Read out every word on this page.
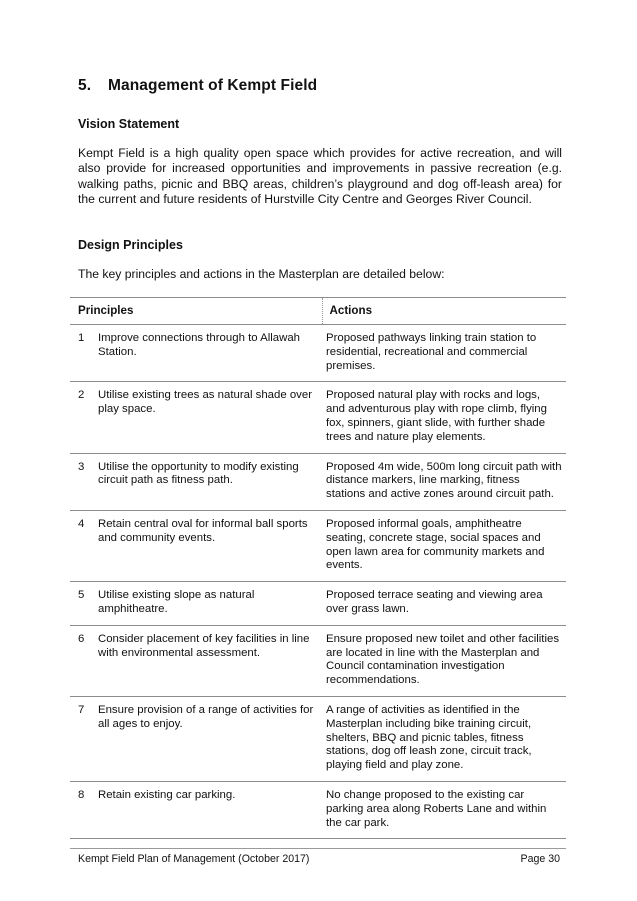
5. Management of Kempt Field
Vision Statement

Kempt Field is a high quality open space which provides for active recreation, and will also provide for increased opportunities and improvements in passive recreation (e.g. walking paths, picnic and BBQ areas, children’s playground and dog off-leash area) for the current and future residents of Hurstville City Centre and Georges River Council.

Design Principles

The key principles and actions in the Masterplan are detailed below:

Principles		Actions
1	Improve connections through to Allawah Station.	Proposed pathways linking train station to residential, recreational and commercial premises.
2	Utilise existing trees as natural shade over play space.	Proposed natural play with rocks and logs, and adventurous play with rope climb, flying fox, spinners, giant slide, with further shade trees and nature play elements.
3	Utilise the opportunity to modify existing circuit path as fitness path.	Proposed 4m wide, 500m long circuit path with distance markers, line marking, fitness stations and active zones around circuit path.
4	Retain central oval for informal ball sports and community events.	Proposed informal goals, amphitheatre seating, concrete stage, social spaces and open lawn area for community markets and events.
5	Utilise existing slope as natural amphitheatre.	Proposed terrace seating and viewing area over grass lawn.
6	Consider placement of key facilities in line with environmental assessment.	Ensure proposed new toilet and other facilities are located in line with the Masterplan and Council contamination investigation recommendations.
7	Ensure provision of a range of activities for all ages to enjoy.	A range of activities as identified in the Masterplan including bike training circuit, shelters, BBQ and picnic tables, fitness stations, dog off leash zone, circuit track, playing field and play zone.
8	Retain existing car parking.	No change proposed to the existing car parking area along Roberts Lane and within the car park.
Kempt Field Plan of Management (October 2017)	Page 30
